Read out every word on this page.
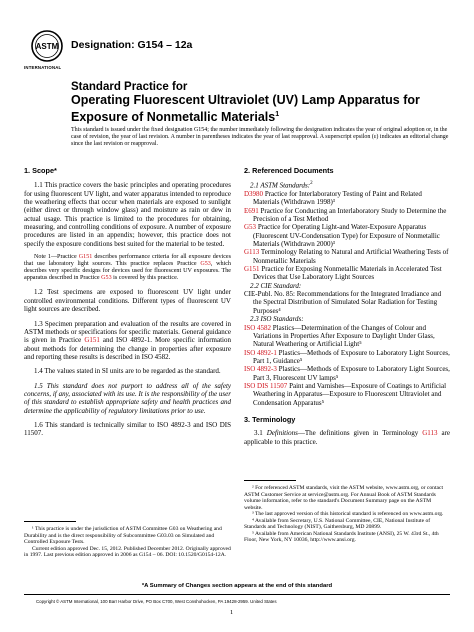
ASTM Designation: G154 – 12a
INTERNATIONAL
Standard Practice for
Operating Fluorescent Ultraviolet (UV) Lamp Apparatus for
Exposure of Nonmetallic Materials$^1$
This standard is issued under the fixed designation G154; the number immediately following the designation indicates the year of original adoption or, in the case of revision, the year of last revision. A number in parentheses indicates the year of last reapproval. A superscript epsilon (ε) indicates an editorial change since the last revision or reapproval.
1. Scope*

1.1 This practice covers the basic principles and operating procedures for using fluorescent UV light, and water apparatus intended to reproduce the weathering effects that occur when materials are exposed to sunlight (either direct or through window glass) and moisture as rain or dew in actual usage. This practice is limited to the procedures for obtaining, measuring, and controlling conditions of exposure. A number of exposure procedures are listed in an appendix; however, this practice does not specify the exposure conditions best suited for the material to be tested.

Note 1—Practice G151 describes performance criteria for all exposure devices that use laboratory light sources. This practice replaces Practice G53, which describes very specific designs for devices used for fluorescent UV exposures. The apparatus described in Practice G53 is covered by this practice.

1.2 Test specimens are exposed to fluorescent UV light under controlled environmental conditions. Different types of fluorescent UV light sources are described.

1.3 Specimen preparation and evaluation of the results are covered in ASTM methods or specifications for specific materials. General guidance is given in Practice G151 and ISO 4892-1. More specific information about methods for determining the change in properties after exposure and reporting these results is described in ISO 4582.

1.4 The values stated in SI units are to be regarded as the standard.

1.5 This standard does not purport to address all of the safety concerns, if any, associated with its use. It is the responsibility of the user of this standard to establish appropriate safety and health practices and determine the applicability of regulatory limitations prior to use.

1.6 This standard is technically similar to ISO 4892-3 and ISO DIS 11507.

¹ This practice is under the jurisdiction of ASTM Committee G03 on Weathering and Durability and is the direct responsibility of Subcommittee G03.03 on Simulated and Controlled Exposure Tests.

Current edition approved Dec. 15, 2012. Published December 2012. Originally approved in 1997. Last previous edition approved in 2006 as G154 – 06. DOI: 10.1520/G0154-12A.

2. Referenced Documents
2.1 ASTM Standards:$^2$

D3980 Practice for Interlaboratory Testing of Paint and Related Materials (Withdrawn 1998)³

E691 Practice for Conducting an Interlaboratory Study to Determine the Precision of a Test Method

G53 Practice for Operating Light-and Water-Exposure Apparatus (Fluorescent UV-Condensation Type) for Exposure of Nonmetallic Materials (Withdrawn 2000)³

G113 Terminology Relating to Natural and Artificial Weathering Tests of Nonmetallic Materials

G151 Practice for Exposing Nonmetallic Materials in Accelerated Test Devices that Use Laboratory Light Sources

2.2 CIE Standard:

CIE-Publ. No. 85: Recommendations for the Integrated Irradiance and the Spectral Distribution of Simulated Solar Radiation for Testing Purposes⁴

2.3 ISO Standards:

ISO 4582 Plastics—Determination of the Changes of Colour and Variations in Properties After Exposure to Daylight Under Glass, Natural Weathering or Artificial Light⁵

ISO 4892-1 Plastics—Methods of Exposure to Laboratory Light Sources, Part 1, Guidance⁵

ISO 4892-3 Plastics—Methods of Exposure to Laboratory Light Sources, Part 3, Fluorescent UV lamps⁵

ISO DIS 11507 Paint and Varnishes—Exposure of Coatings to Artificial Weathering in Apparatus—Exposure to Fluorescent Ultraviolet and Condensation Apparatus⁵

3. Terminology

3.1 Definitions—The definitions given in Terminology G113 are applicable to this practice.

² For referenced ASTM standards, visit the ASTM website, www.astm.org, or contact ASTM Customer Service at service@astm.org. For Annual Book of ASTM Standards volume information, refer to the standard's Document Summary page on the ASTM website.

³ The last approved version of this historical standard is referenced on www.astm.org.

⁴ Available from Secretary, U.S. National Committee, CIE, National Institute of Standards and Technology (NIST), Gaithersburg, MD 20899.

⁵ Available from American National Standards Institute (ANSI), 25 W. 43rd St., 4th Floor, New York, NY 10036, http://www.ansi.org.

*A Summary of Changes section appears at the end of this standard
Copyright © ASTM International, 100 Barr Harbor Drive, PO Box C700, West Conshohocken, PA 19428-2959. United States
1
